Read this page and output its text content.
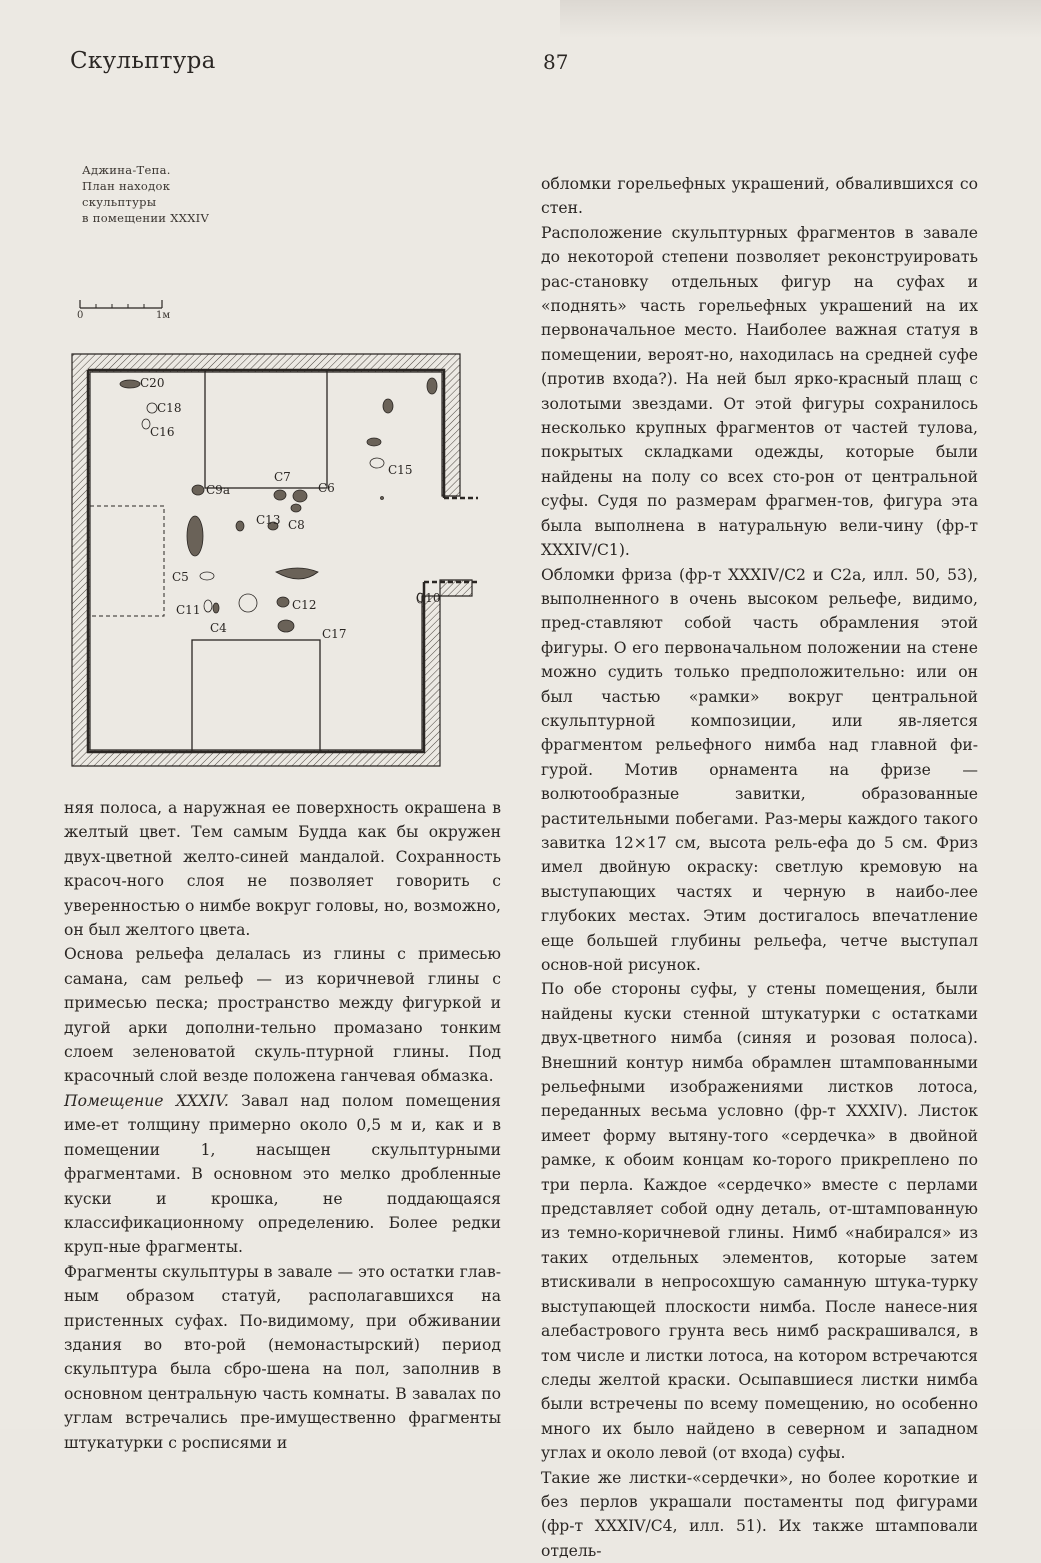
Скульптура	87
Аджина-Тепа.
План находок
скульптуры
в помещении XXXIV
0	1м
C20
C18
C16
C9a
C7
C6
C15
C13 C8
C5
C11
C4
C12	C10
C17

няя полоса, а наружная ее поверхность окрашена в желтый цвет. Тем самым Будда как бы окружен двух-цветной желто-синей мандалой. Сохранность красоч-ного слоя не позволяет говорить с уверенностью о нимбе вокруг головы, но, возможно, он был желтого цвета.

Основа рельефа делалась из глины с примесью самана, сам рельеф — из коричневой глины с примесью песка; пространство между фигуркой и дугой арки дополни-тельно промазано тонким слоем зеленоватой скуль-птурной глины. Под красочный слой везде положена ганчевая обмазка.

Помещение XXXIV. Завал над полом помещения име-ет толщину примерно около 0,5 м и, как и в помещении 1, насыщен скульптурными фрагментами. В основном это мелко дробленные куски и крошка, не поддающаяся классификационному определению. Более редки круп-ные фрагменты.

Фрагменты скульптуры в завале — это остатки глав-ным образом статуй, располагавшихся на пристенных суфах. По-видимому, при обживании здания во вто-рой (немонастырский) период скульптура была сбро-шена на пол, заполнив в основном центральную часть комнаты. В завалах по углам встречались пре-имущественно фрагменты штукатурки с росписями и

обломки горельефных украшений, обвалившихся со стен.

Расположение скульптурных фрагментов в завале до некоторой степени позволяет реконструировать рас-становку отдельных фигур на суфах и «поднять» часть горельефных украшений на их первоначальное место. Наиболее важная статуя в помещении, вероят-но, находилась на средней суфе (против входа?). На ней был ярко-красный плащ с золотыми звездами. От этой фигуры сохранилось несколько крупных фрагментов от частей тулова, покрытых складками одежды, которые были найдены на полу со всех сто-рон от центральной суфы. Судя по размерам фрагмен-тов, фигура эта была выполнена в натуральную вели-чину (фр-т XXXIV/C1).

Обломки фриза (фр-т XXXIV/C2 и C2a, илл. 50, 53), выполненного в очень высоком рельефе, видимо, пред-ставляют собой часть обрамления этой фигуры. О его первоначальном положении на стене можно судить только предположительно: или он был частью «рамки» вокруг центральной скульптурной композиции, или яв-ляется фрагментом рельефного нимба над главной фи-гурой. Мотив орнамента на фризе — волютообразные завитки, образованные растительными побегами. Раз-меры каждого такого завитка 12×17 см, высота рель-ефа до 5 см. Фриз имел двойную окраску: светлую кремовую на выступающих частях и черную в наибо-лее глубоких местах. Этим достигалось впечатление еще большей глубины рельефа, четче выступал основ-ной рисунок.

По обе стороны суфы, у стены помещения, были найдены куски стенной штукатурки с остатками двух-цветного нимба (синяя и розовая полоса). Внешний контур нимба обрамлен штампованными рельефными изображениями листков лотоса, переданных весьма условно (фр-т XXXIV). Листок имеет форму вытяну-того «сердечка» в двойной рамке, к обоим концам ко-торого прикреплено по три перла. Каждое «сердечко» вместе с перлами представляет собой одну деталь, от-штампованную из темно-коричневой глины. Нимб «набирался» из таких отдельных элементов, которые затем втискивали в непросохшую саманную штука-турку выступающей плоскости нимба. После нанесе-ния алебастрового грунта весь нимб раскрашивался, в том числе и листки лотоса, на котором встречаются следы желтой краски. Осыпавшиеся листки нимба были встречены по всему помещению, но особенно много их было найдено в северном и западном углах и около левой (от входа) суфы.

Такие же листки-«сердечки», но более короткие и без перлов украшали постаменты под фигурами (фр-т XXXIV/C4, илл. 51). Их также штамповали отдель-
